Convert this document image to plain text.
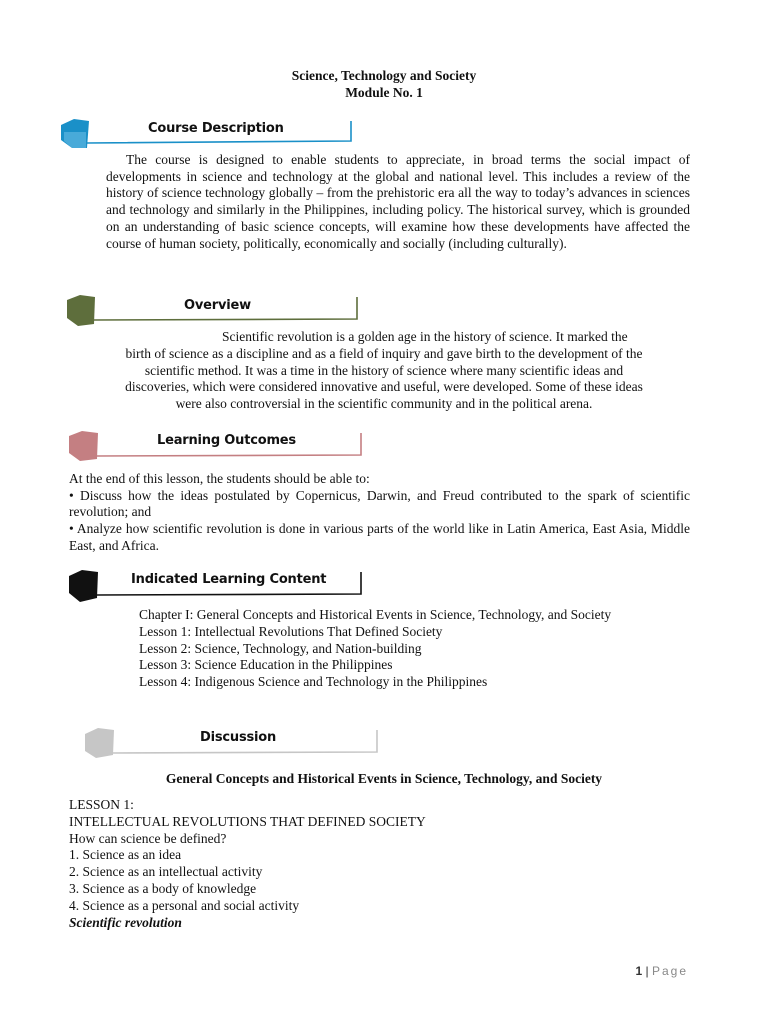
Science, Technology and Society
Module No. 1
Course Description
The course is designed to enable students to appreciate, in broad terms the social impact of
developments in science and technology at the global and national level. This includes a review of the history of science technology globally – from the prehistoric era all the way to today’s advances in sciences and technology and similarly in the Philippines, including policy. The historical survey, which is grounded on an understanding of basic science concepts, will examine how these developments have affected the course of human society, politically, economically and socially (including culturally).
Overview
Scientific revolution is a golden age in the history of science. It marked the
birth of science as a discipline and as a field of inquiry and gave birth to the development of the
scientific method. It was a time in the history of science where many scientific ideas and
discoveries, which were considered innovative and useful, were developed. Some of these ideas
were also controversial in the scientific community and in the political arena.
Learning Outcomes
At the end of this lesson, the students should be able to:
• Discuss how the ideas postulated by Copernicus, Darwin, and Freud contributed to the spark of scientific revolution; and
• Analyze how scientific revolution is done in various parts of the world like in Latin America, East Asia, Middle East, and Africa.
Indicated Learning Content
Chapter I: General Concepts and Historical Events in Science, Technology, and Society
Lesson 1: Intellectual Revolutions That Defined Society
Lesson 2: Science, Technology, and Nation-building
Lesson 3: Science Education in the Philippines
Lesson 4: Indigenous Science and Technology in the Philippines
Discussion
General Concepts and Historical Events in Science, Technology, and Society
LESSON 1:
INTELLECTUAL REVOLUTIONS THAT DEFINED SOCIETY
How can science be defined?
1. Science as an idea
2. Science as an intellectual activity
3. Science as a body of knowledge
4. Science as a personal and social activity
Scientific revolution
1 | Page
